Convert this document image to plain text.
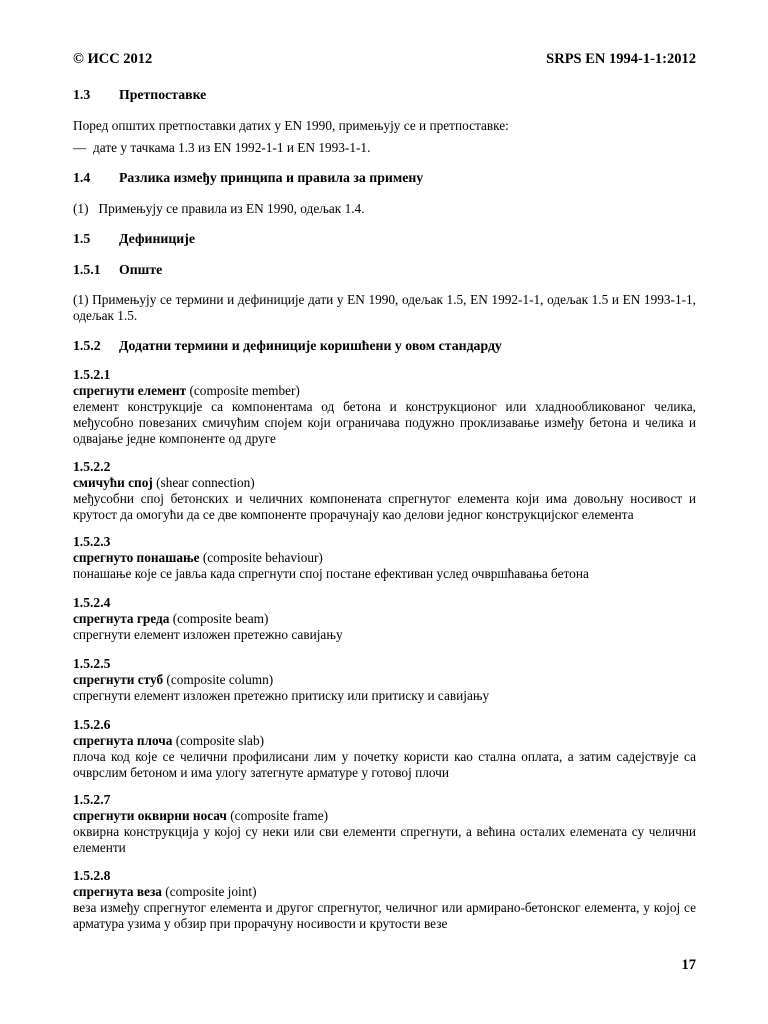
© ИСС 2012	SRPS EN 1994-1-1:2012
1.3 Претпоставке
Поред општих претпоставки датих у EN 1990, примењују се и претпоставке:
— дате у тачкама 1.3 из EN 1992-1-1 и EN 1993-1-1.
1.4 Разлика између принципа и правила за примену
(1)   Примењују се правила из EN 1990, одељак 1.4.
1.5 Дефиниције
1.5.1 Опште
(1) Примењују се термини и дефиниције дати у EN 1990, одељак 1.5, EN 1992-1-1, одељак 1.5 и EN 1993-1-1, одељак 1.5.
1.5.2 Додатни термини и дефиниције коришћени у овом стандарду
1.5.2.1
спрегнути елемент (composite member)
елемент конструкције са компонентама од бетона и конструкционог или хладнообликованог челика, међусобно повезаних смичућим спојем који ограничава подужно проклизавање између бетона и челика и одвајање једне компоненте од друге
1.5.2.2
смичући спој (shear connection)
међусобни спој бетонских и челичних компонената спрегнутог елемента који има довољну носивост и крутост да омогући да се две компоненте прорачунају као делови једног конструкцијског елемента
1.5.2.3
спрегнуто понашање (composite behaviour)
понашање које се јавља када спрегнути спој постане ефективан услед очвршћавања бетона
1.5.2.4
спрегнута греда (composite beam)
спрегнути елемент изложен претежно савијању
1.5.2.5
спрегнути стуб (composite column)
спрегнути елемент изложен претежно притиску или притиску и савијању
1.5.2.6
спрегнута плоча (composite slab)
плоча код које се челични профилисани лим у почетку користи као стална оплата, а затим садејствује са очврслим бетоном и има улогу затегнуте арматуре у готовој плочи
1.5.2.7
спрегнути оквирни носач (composite frame)
оквирна конструкција у којој су неки или сви елементи спрегнути, а већина осталих елемената су челични елементи
1.5.2.8
спрегнута веза (composite joint)
веза између спрегнутог елемента и другог спрегнутог, челичног или армирано-бетонског елемента, у којој се арматура узима у обзир при прорачуну носивости и крутости везе
17
